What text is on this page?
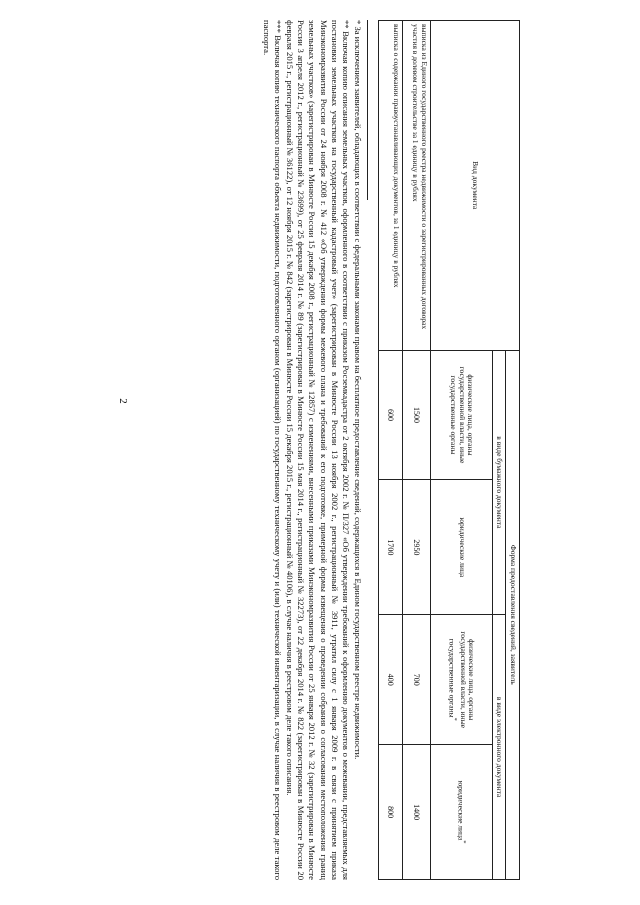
2
Вид документа	Форма предоставления сведений, заявитель			
	в виде бумажного документа		в виде электронного документа	
	физические лица, органы государственной власти, иные государственные органы	юридические лица	физические лица, органы государственной власти, иные государственные органы*	юридические лица*
выписка из Единого государственного реестра недвижимости о зарегистрированных договорах участия в долевом строительстве за 1 единицу в рублях	1500	2950	700	1400
выписка о содержании правоустанавливающих документов, за 1 единицу в рублях	600	1700	400	800

* За исключением заявителей, обладающих в соответствии с федеральными законами правом на бесплатное предоставление сведений, содержащихся в Едином государственном реестре недвижимости.

** Включая копию описания земельных участков, оформленного в соответствии с приказом Росземкадастра от 2 октября 2002 г. № П/327 «Об утверждении требований к оформлению документов о межевании, представляемых для постановки земельных участков на государственный кадастровый учет» (зарегистрирован в Минюсте России 13 ноября 2002 г., регистрационный № 3911, утратил силу с 1 января 2009 г. в связи с принятием приказа Минэкономразвития России от 24 ноября 2008 г. № 412 «Об утверждении формы межевого плана и требований к его подготовке, примерной формы извещения о проведении собрания о согласовании местоположения границ земельных участков» (зарегистрирован в Минюсте России 15 декабря 2008 г., регистрационный № 12857) с изменениями, внесенными приказами Минэкономразвития России от 25 января 2012 г. № 32 (зарегистрирован в Минюсте России 3 апреля 2012 г., регистрационный № 23699), от 25 февраля 2014 г. № 89 (зарегистрирован в Минюсте России 15 мая 2014 г., регистрационный № 32273), от 22 декабря 2014 г. № 822 (зарегистрирован в Минюсте России 20 февраля 2015 г., регистрационный № 36122), от 12 ноября 2015 г. № 842 (зарегистрирован в Минюсте России 15 декабря 2015 г., регистрационный № 40106), в случае наличия в реестровом деле такого описания.

*** Включая копию технического паспорта объекта недвижимости, подготовленного органом (организацией) по государственному техническому учету и (или) технической инвентаризации, в случае наличия в реестровом деле такого паспорта.
